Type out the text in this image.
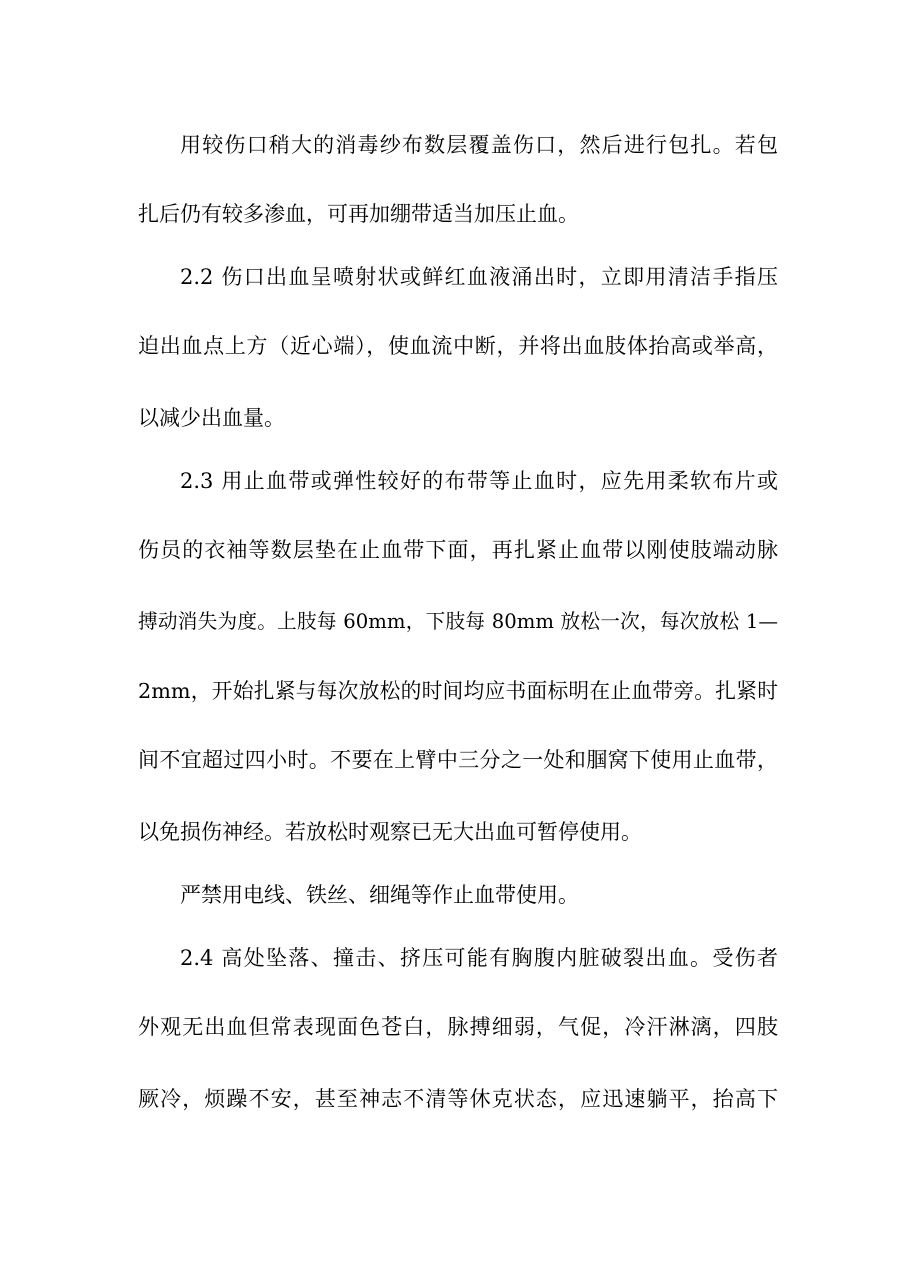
用较伤口稍大的消毒纱布数层覆盖伤口，然后进行包扎。若包
扎后仍有较多渗血，可再加绷带适当加压止血。
2.2 伤口出血呈喷射状或鲜红血液涌出时，立即用清洁手指压
迫出血点上方（近心端），使血流中断，并将出血肢体抬高或举高，
以减少出血量。
2.3 用止血带或弹性较好的布带等止血时，应先用柔软布片或
伤员的衣袖等数层垫在止血带下面，再扎紧止血带以刚使肢端动脉
搏动消失为度。上肢每 60mm，下肢每 80mm 放松一次，每次放松 1—
2mm，开始扎紧与每次放松的时间均应书面标明在止血带旁。扎紧时
间不宜超过四小时。不要在上臂中三分之一处和腘窝下使用止血带，
以免损伤神经。若放松时观察已无大出血可暂停使用。
严禁用电线、铁丝、细绳等作止血带使用。
2.4 高处坠落、撞击、挤压可能有胸腹内脏破裂出血。受伤者
外观无出血但常表现面色苍白，脉搏细弱，气促，冷汗淋漓，四肢
厥冷，烦躁不安，甚至神志不清等休克状态，应迅速躺平，抬高下
